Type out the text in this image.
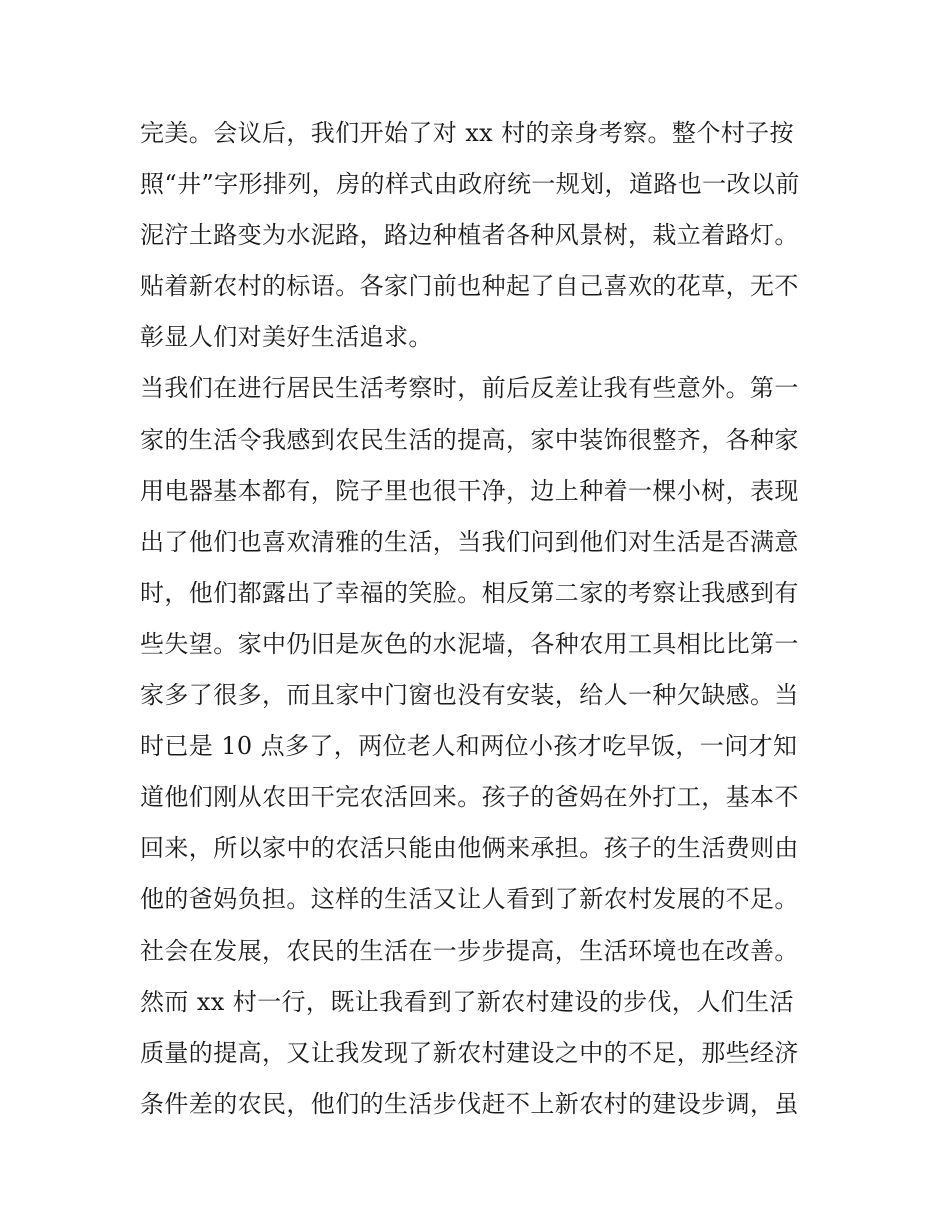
完美。会议后，我们开始了对 xx 村的亲身考察。整个村子按
照“井”字形排列，房的样式由政府统一规划，道路也一改以前
泥泞土路变为水泥路，路边种植者各种风景树，栽立着路灯。
贴着新农村的标语。各家门前也种起了自己喜欢的花草，无不
彰显人们对美好生活追求。
当我们在进行居民生活考察时，前后反差让我有些意外。第一
家的生活令我感到农民生活的提高，家中装饰很整齐，各种家
用电器基本都有，院子里也很干净，边上种着一棵小树，表现
出了他们也喜欢清雅的生活，当我们问到他们对生活是否满意
时，他们都露出了幸福的笑脸。相反第二家的考察让我感到有
些失望。家中仍旧是灰色的水泥墙，各种农用工具相比比第一
家多了很多，而且家中门窗也没有安装，给人一种欠缺感。当
时已是 10 点多了，两位老人和两位小孩才吃早饭，一问才知
道他们刚从农田干完农活回来。孩子的爸妈在外打工，基本不
回来，所以家中的农活只能由他俩来承担。孩子的生活费则由
他的爸妈负担。这样的生活又让人看到了新农村发展的不足。
社会在发展，农民的生活在一步步提高，生活环境也在改善。
然而 xx 村一行，既让我看到了新农村建设的步伐，人们生活
质量的提高，又让我发现了新农村建设之中的不足，那些经济
条件差的农民，他们的生活步伐赶不上新农村的建设步调，虽
